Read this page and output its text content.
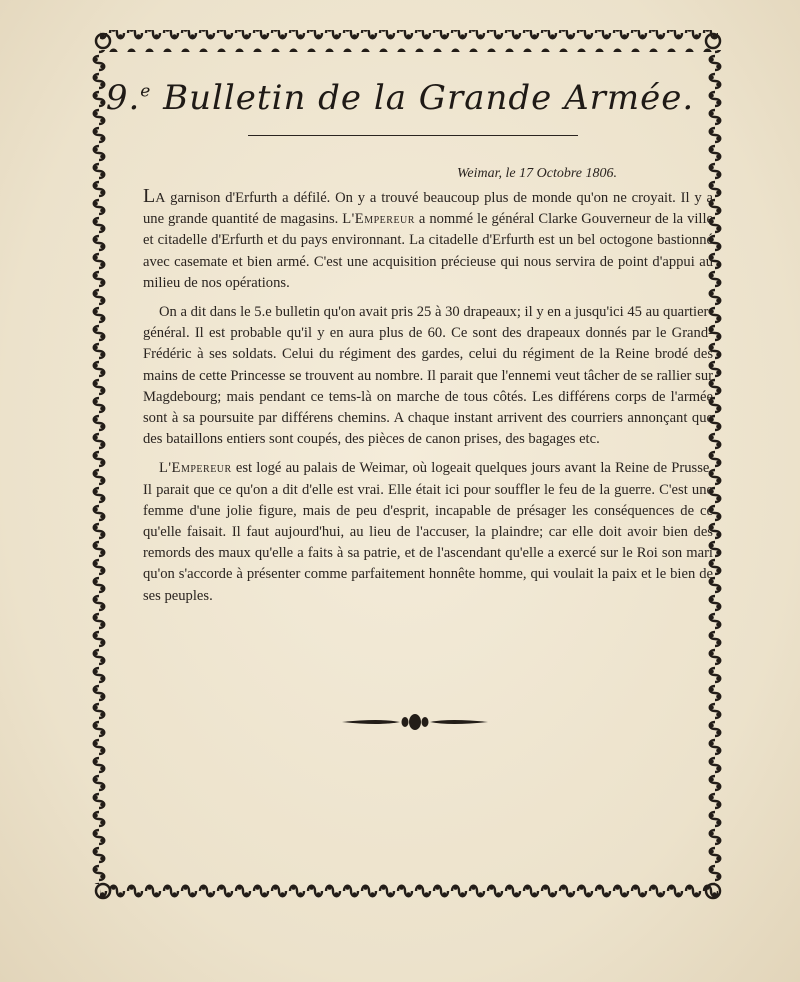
9.$^e$ Bulletin de la Grande Armée.
Weimar, le 17 Octobre 1806.

La garnison d'Erfurth a défilé. On y a trouvé beaucoup plus de monde qu'on ne croyait. Il y a une grande quantité de magasins. L'Empereur a nommé le général Clarke Gouverneur de la ville et citadelle d'Erfurth et du pays environnant. La citadelle d'Erfurth est un bel octogone bastionné avec casemate et bien armé. C'est une acquisition précieuse qui nous servira de point d'appui au milieu de nos opérations.

On a dit dans le 5.e bulletin qu'on avait pris 25 à 30 drapeaux; il y en a jusqu'ici 45 au quartier-général. Il est probable qu'il y en aura plus de 60. Ce sont des drapeaux donnés par le Grand-Frédéric à ses soldats. Celui du régiment des gardes, celui du régiment de la Reine brodé des mains de cette Princesse se trouvent au nombre. Il parait que l'ennemi veut tâcher de se rallier sur Magdebourg; mais pendant ce tems-là on marche de tous côtés. Les différens corps de l'armée sont à sa poursuite par différens chemins. A chaque instant arrivent des courriers annonçant que des bataillons entiers sont coupés, des pièces de canon prises, des bagages etc.

L'Empereur est logé au palais de Weimar, où logeait quelques jours avant la Reine de Prusse. Il parait que ce qu'on a dit d'elle est vrai. Elle était ici pour souffler le feu de la guerre. C'est une femme d'une jolie figure, mais de peu d'esprit, incapable de présager les conséquences de ce qu'elle faisait. Il faut aujourd'hui, au lieu de l'accuser, la plaindre; car elle doit avoir bien des remords des maux qu'elle a faits à sa patrie, et de l'ascendant qu'elle a exercé sur le Roi son mari qu'on s'accorde à présenter comme parfaitement honnête homme, qui voulait la paix et le bien de ses peuples.
